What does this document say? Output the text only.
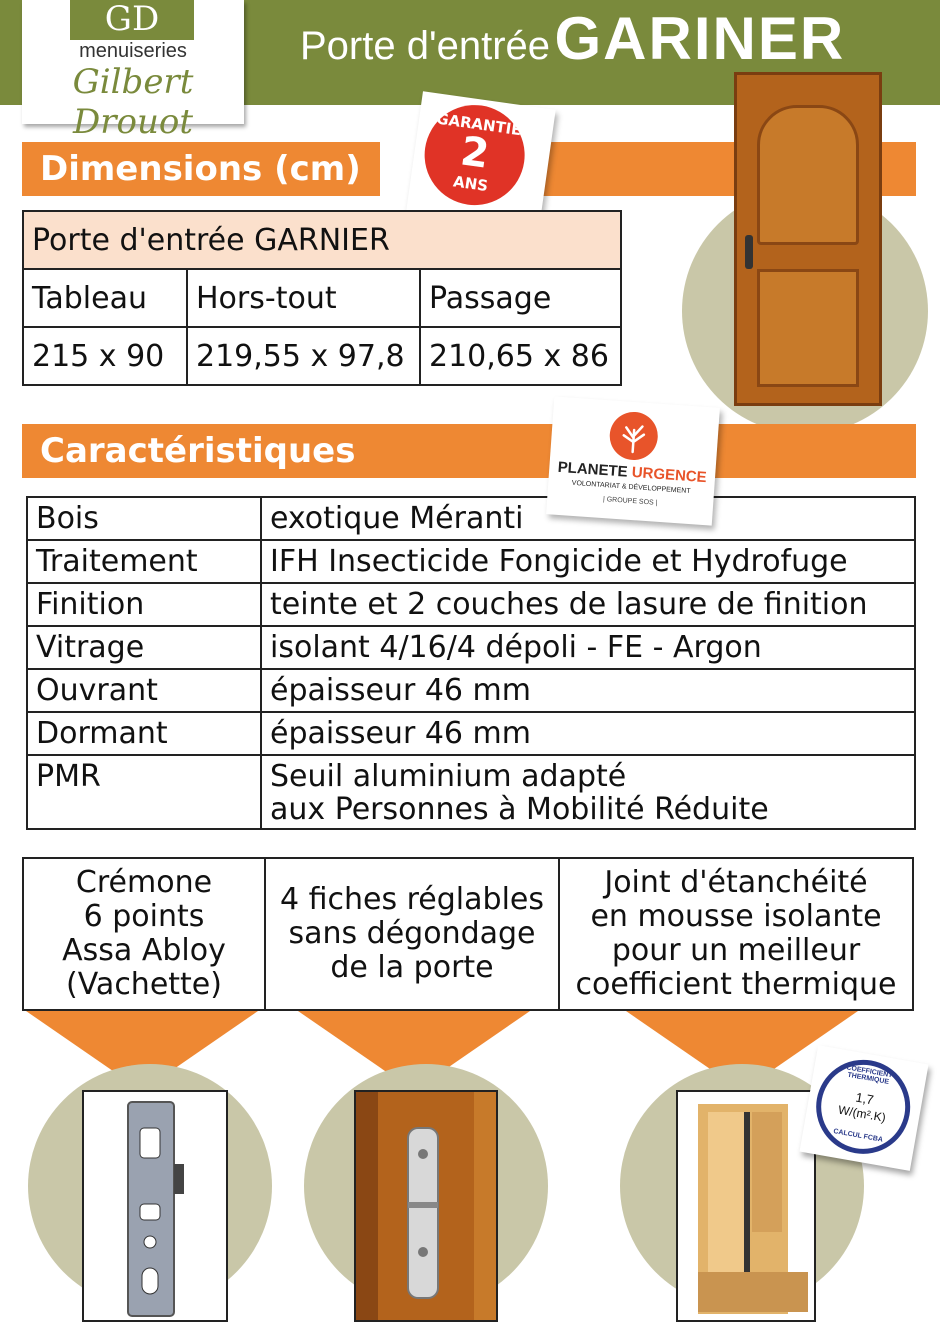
Porte d'entrée GARINER
GD
menuiseries
Gilbert Drouot
Dimensions (cm)
GARANTIE
2
ANS
Porte d'entrée GARNIER		
Tableau	Hors-tout	Passage
215 x 90	219,55 x 97,8	210,65 x 86
Caractéristiques
Bois	exotique Méranti
Traitement	IFH Insecticide Fongicide et Hydrofuge
Finition	teinte et 2 couches de lasure de finition
Vitrage	isolant 4/16/4 dépoli - FE - Argon
Ouvrant	épaisseur 46 mm
Dormant	épaisseur 46 mm
PMR	Seuil aluminium adapté
aux Personnes à Mobilité Réduite
PLANETE URGENCE
VOLONTARIAT & DÉVELOPPEMENT
| GROUPE SOS |
Crémone
6 points
Assa Abloy
(Vachette)

4 fiches réglables
sans dégondage
de la porte

Joint d'étanchéité
en mousse isolante
pour un meilleur
coefficient thermique
COEFFICIENT THERMIQUE
1,7
W/(m².K)
CALCUL FCBA
